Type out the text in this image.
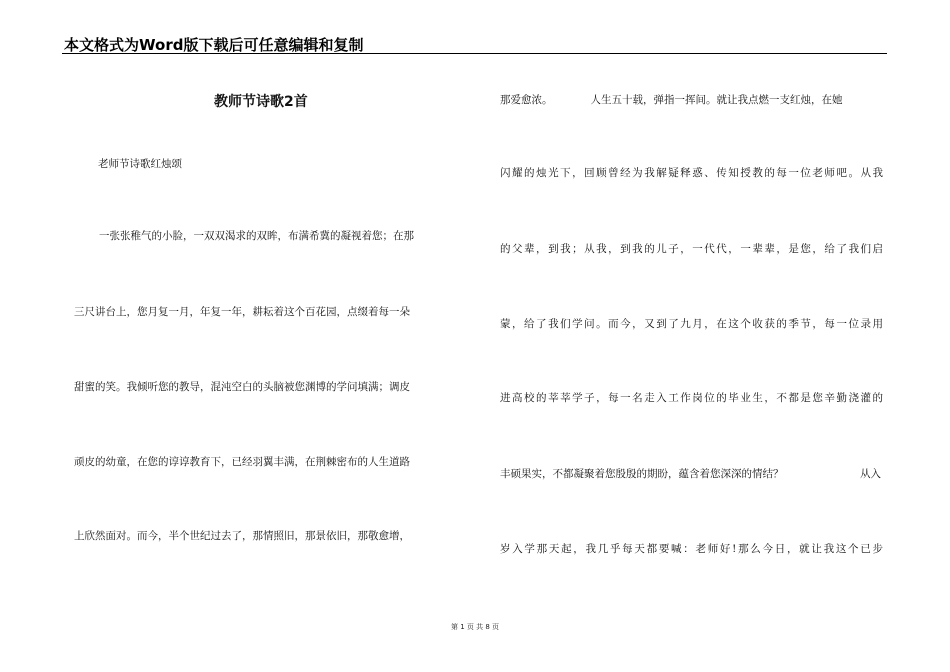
本文格式为Word版下载后可任意编辑和复制
教师节诗歌2首
老师节诗歌红烛颂
一张张稚气的小脸，一双双渴求的双眸，布满希冀的凝视着您；在那
三尺讲台上，您月复一月，年复一年，耕耘着这个百花园，点缀着每一朵
甜蜜的笑。我倾听您的教导，混沌空白的头脑被您渊博的学问填满；调皮
顽皮的幼童，在您的谆谆教育下，已经羽翼丰满，在荆棘密布的人生道路
上欣然面对。而今，半个世纪过去了，那情照旧，那景依旧，那敬愈增，
那爱愈浓。	人生五十载，弹指一挥间。就让我点燃一支红烛，在她
闪耀的烛光下，回顾曾经为我解疑释惑、传知授教的每一位老师吧。从我
的父辈，到我；从我，到我的儿子，一代代，一辈辈，是您，给了我们启
蒙，给了我们学问。而今，又到了九月，在这个收获的季节，每一位录用
进高校的莘莘学子，每一名走入工作岗位的毕业生，不都是您辛勤浇灌的
丰硕果实，不都凝聚着您殷殷的期盼，蕴含着您深深的情结？	从入
岁入学那天起，我几乎每天都要喊：老师好!那么今日，就让我这个已步
第 1 页 共 8 页
